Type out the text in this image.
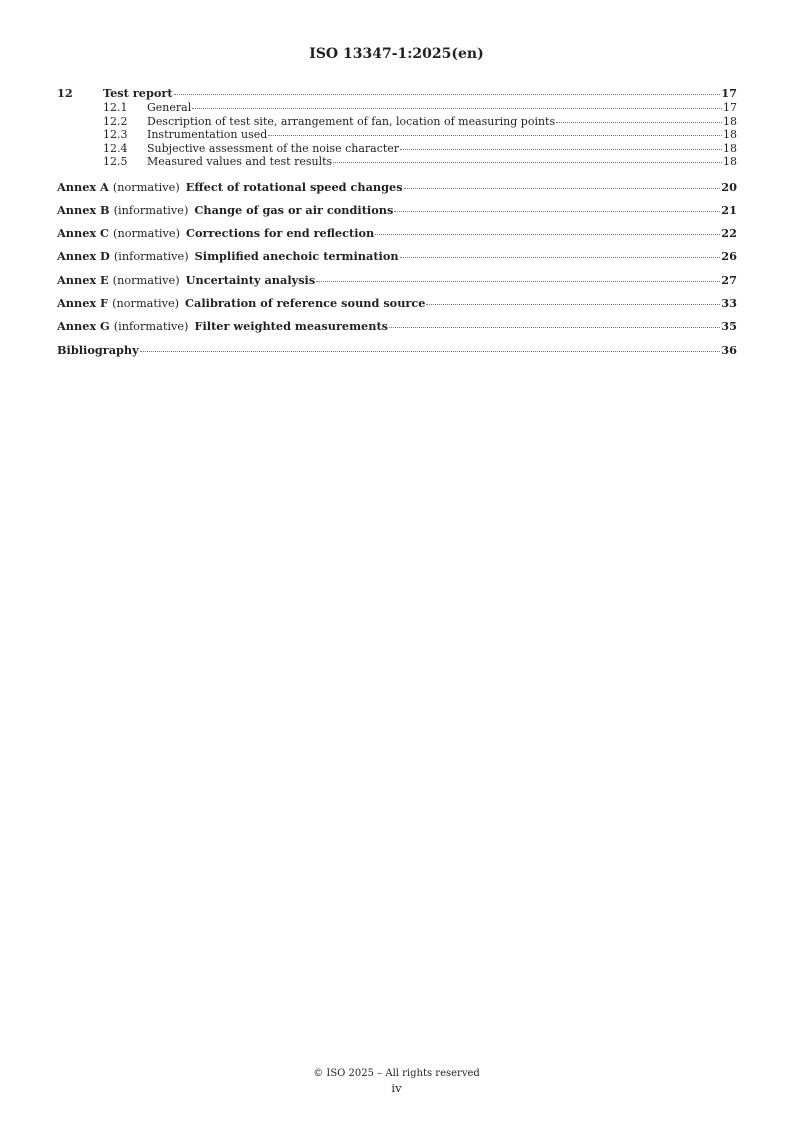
ISO 13347-1:2025(en)
12	Test report	17
12.1	General	17
12.2	Description of test site, arrangement of fan, location of measuring points	18
12.3	Instrumentation used	18
12.4	Subjective assessment of the noise character	18
12.5	Measured values and test results	18
Annex A (normative) Effect of rotational speed changes	20
Annex B (informative) Change of gas or air conditions	21
Annex C (normative) Corrections for end reflection	22
Annex D (informative) Simplified anechoic termination	26
Annex E (normative) Uncertainty analysis	27
Annex F (normative) Calibration of reference sound source	33
Annex G (informative) Filter weighted measurements	35
Bibliography	36
© ISO 2025 – All rights reserved
iv
